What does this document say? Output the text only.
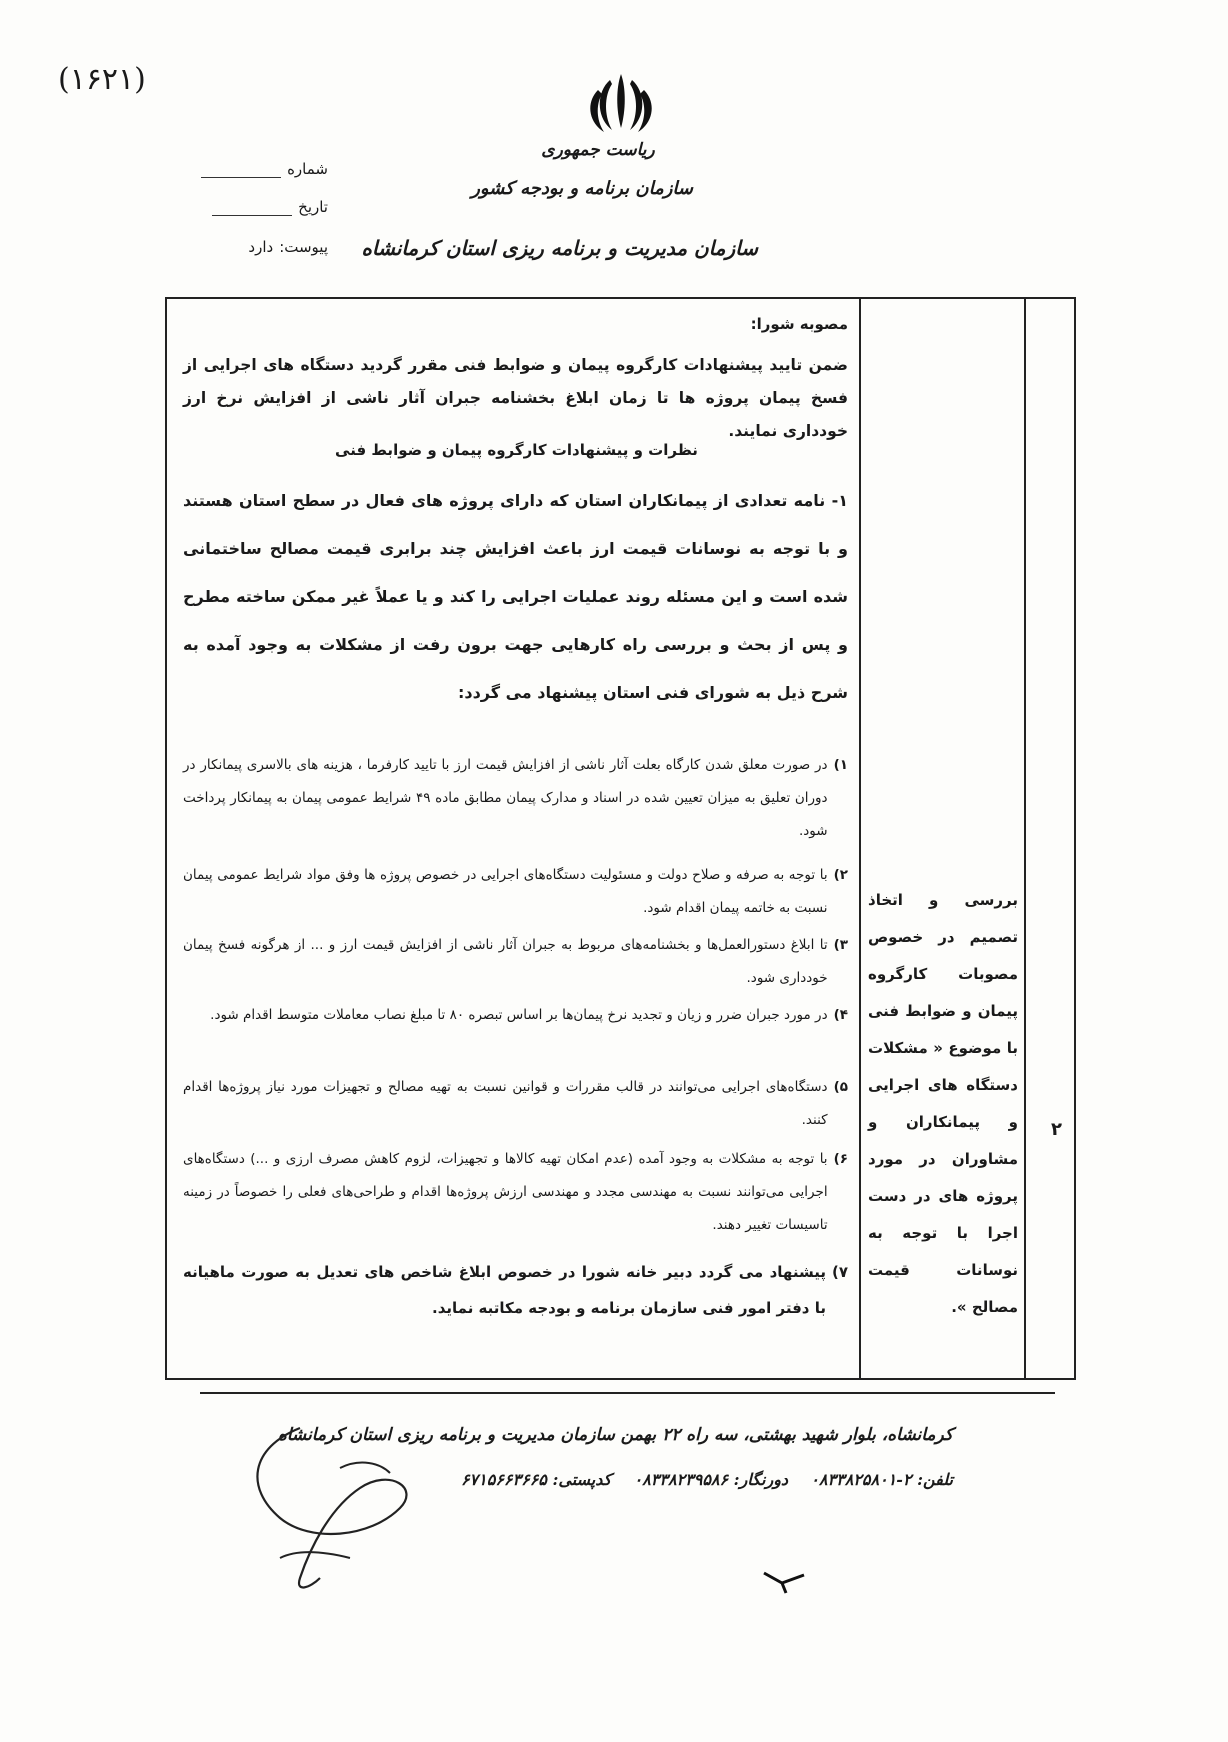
(۱۶۲۱)
ریاست جمهوری
سازمان برنامه و بودجه کشور
سازمان مدیریت و برنامه ریزی استان کرمانشاه
شماره
تاریخ
پیوست:
دارد
۲
بررسی و اتخاذ تصمیم در خصوص مصوبات کارگروه پیمان و ضوابط فنی با موضوع « مشکلات دستگاه های اجرایی و پیمانکاران و مشاوران در مورد پروژه های در دست اجرا با توجه به نوسانات قیمت مصالح ».
مصوبه شورا:
ضمن تایید پیشنهادات کارگروه پیمان و ضوابط فنی مقرر گردید دستگاه های اجرایی از فسخ پیمان پروژه ها تا زمان ابلاغ بخشنامه جبران آثار ناشی از افزایش نرخ ارز خودداری نمایند.
نظرات و پیشنهادات کارگروه پیمان و ضوابط فنی
۱- نامه تعدادی از پیمانکاران استان که دارای پروژه های فعال در سطح استان هستند و با توجه به نوسانات قیمت ارز باعث افزایش چند برابری قیمت مصالح ساختمانی شده است و این مسئله روند عملیات اجرایی را کند و یا عملاً غیر ممکن ساخته مطرح و پس از بحث و بررسی راه کارهایی جهت برون رفت از مشکلات به وجود آمده به شرح ذیل به شورای فنی استان پیشنهاد می گردد:
۱)
در صورت معلق شدن کارگاه بعلت آثار ناشی از افزایش قیمت ارز با تایید کارفرما ، هزینه های بالاسری پیمانکار در دوران تعلیق به میزان تعیین شده در اسناد و مدارک پیمان مطابق ماده ۴۹ شرایط عمومی پیمان به پیمانکار پرداخت شود.
۲)
با توجه به صرفه و صلاح دولت و مسئولیت دستگاه‌های اجرایی در خصوص پروژه ها وفق مواد شرایط عمومی پیمان نسبت به خاتمه پیمان اقدام شود.
۳)
تا ابلاغ دستورالعمل‌ها و بخشنامه‌های مربوط به جبران آثار ناشی از افزایش قیمت ارز و ... از هرگونه فسخ پیمان خودداری شود.
۴)
در مورد جبران ضرر و زیان و تجدید نرخ پیمان‌ها بر اساس تبصره ۸۰ تا مبلغ نصاب معاملات متوسط اقدام شود.
۵)
دستگاه‌های اجرایی می‌توانند در قالب مقررات و قوانین نسبت به تهیه مصالح و تجهیزات مورد نیاز پروژه‌ها اقدام کنند.
۶)
با توجه به مشکلات به وجود آمده (عدم امکان تهیه کالاها و تجهیزات، لزوم کاهش مصرف ارزی و ...) دستگاه‌های اجرایی می‌توانند نسبت به مهندسی مجدد و مهندسی ارزش پروژه‌ها اقدام و طراحی‌های فعلی را خصوصاً در زمینه تاسیسات تغییر دهند.
۷)
پیشنهاد می گردد دبیر خانه شورا در خصوص ابلاغ شاخص های تعدیل به صورت ماهیانه با دفتر امور فنی سازمان برنامه و بودجه مکاتبه نماید.
کرمانشاه، بلوار شهید بهشتی، سه راه ۲۲ بهمن سازمان مدیریت و برنامه ریزی استان کرمانشاه
تلفن: ۲-۰۸۳۳۸۲۵۸۰۱    دورنگار: ۰۸۳۳۸۲۳۹۵۸۶    کدپستی: ۶۷۱۵۶۶۳۶۶۵
